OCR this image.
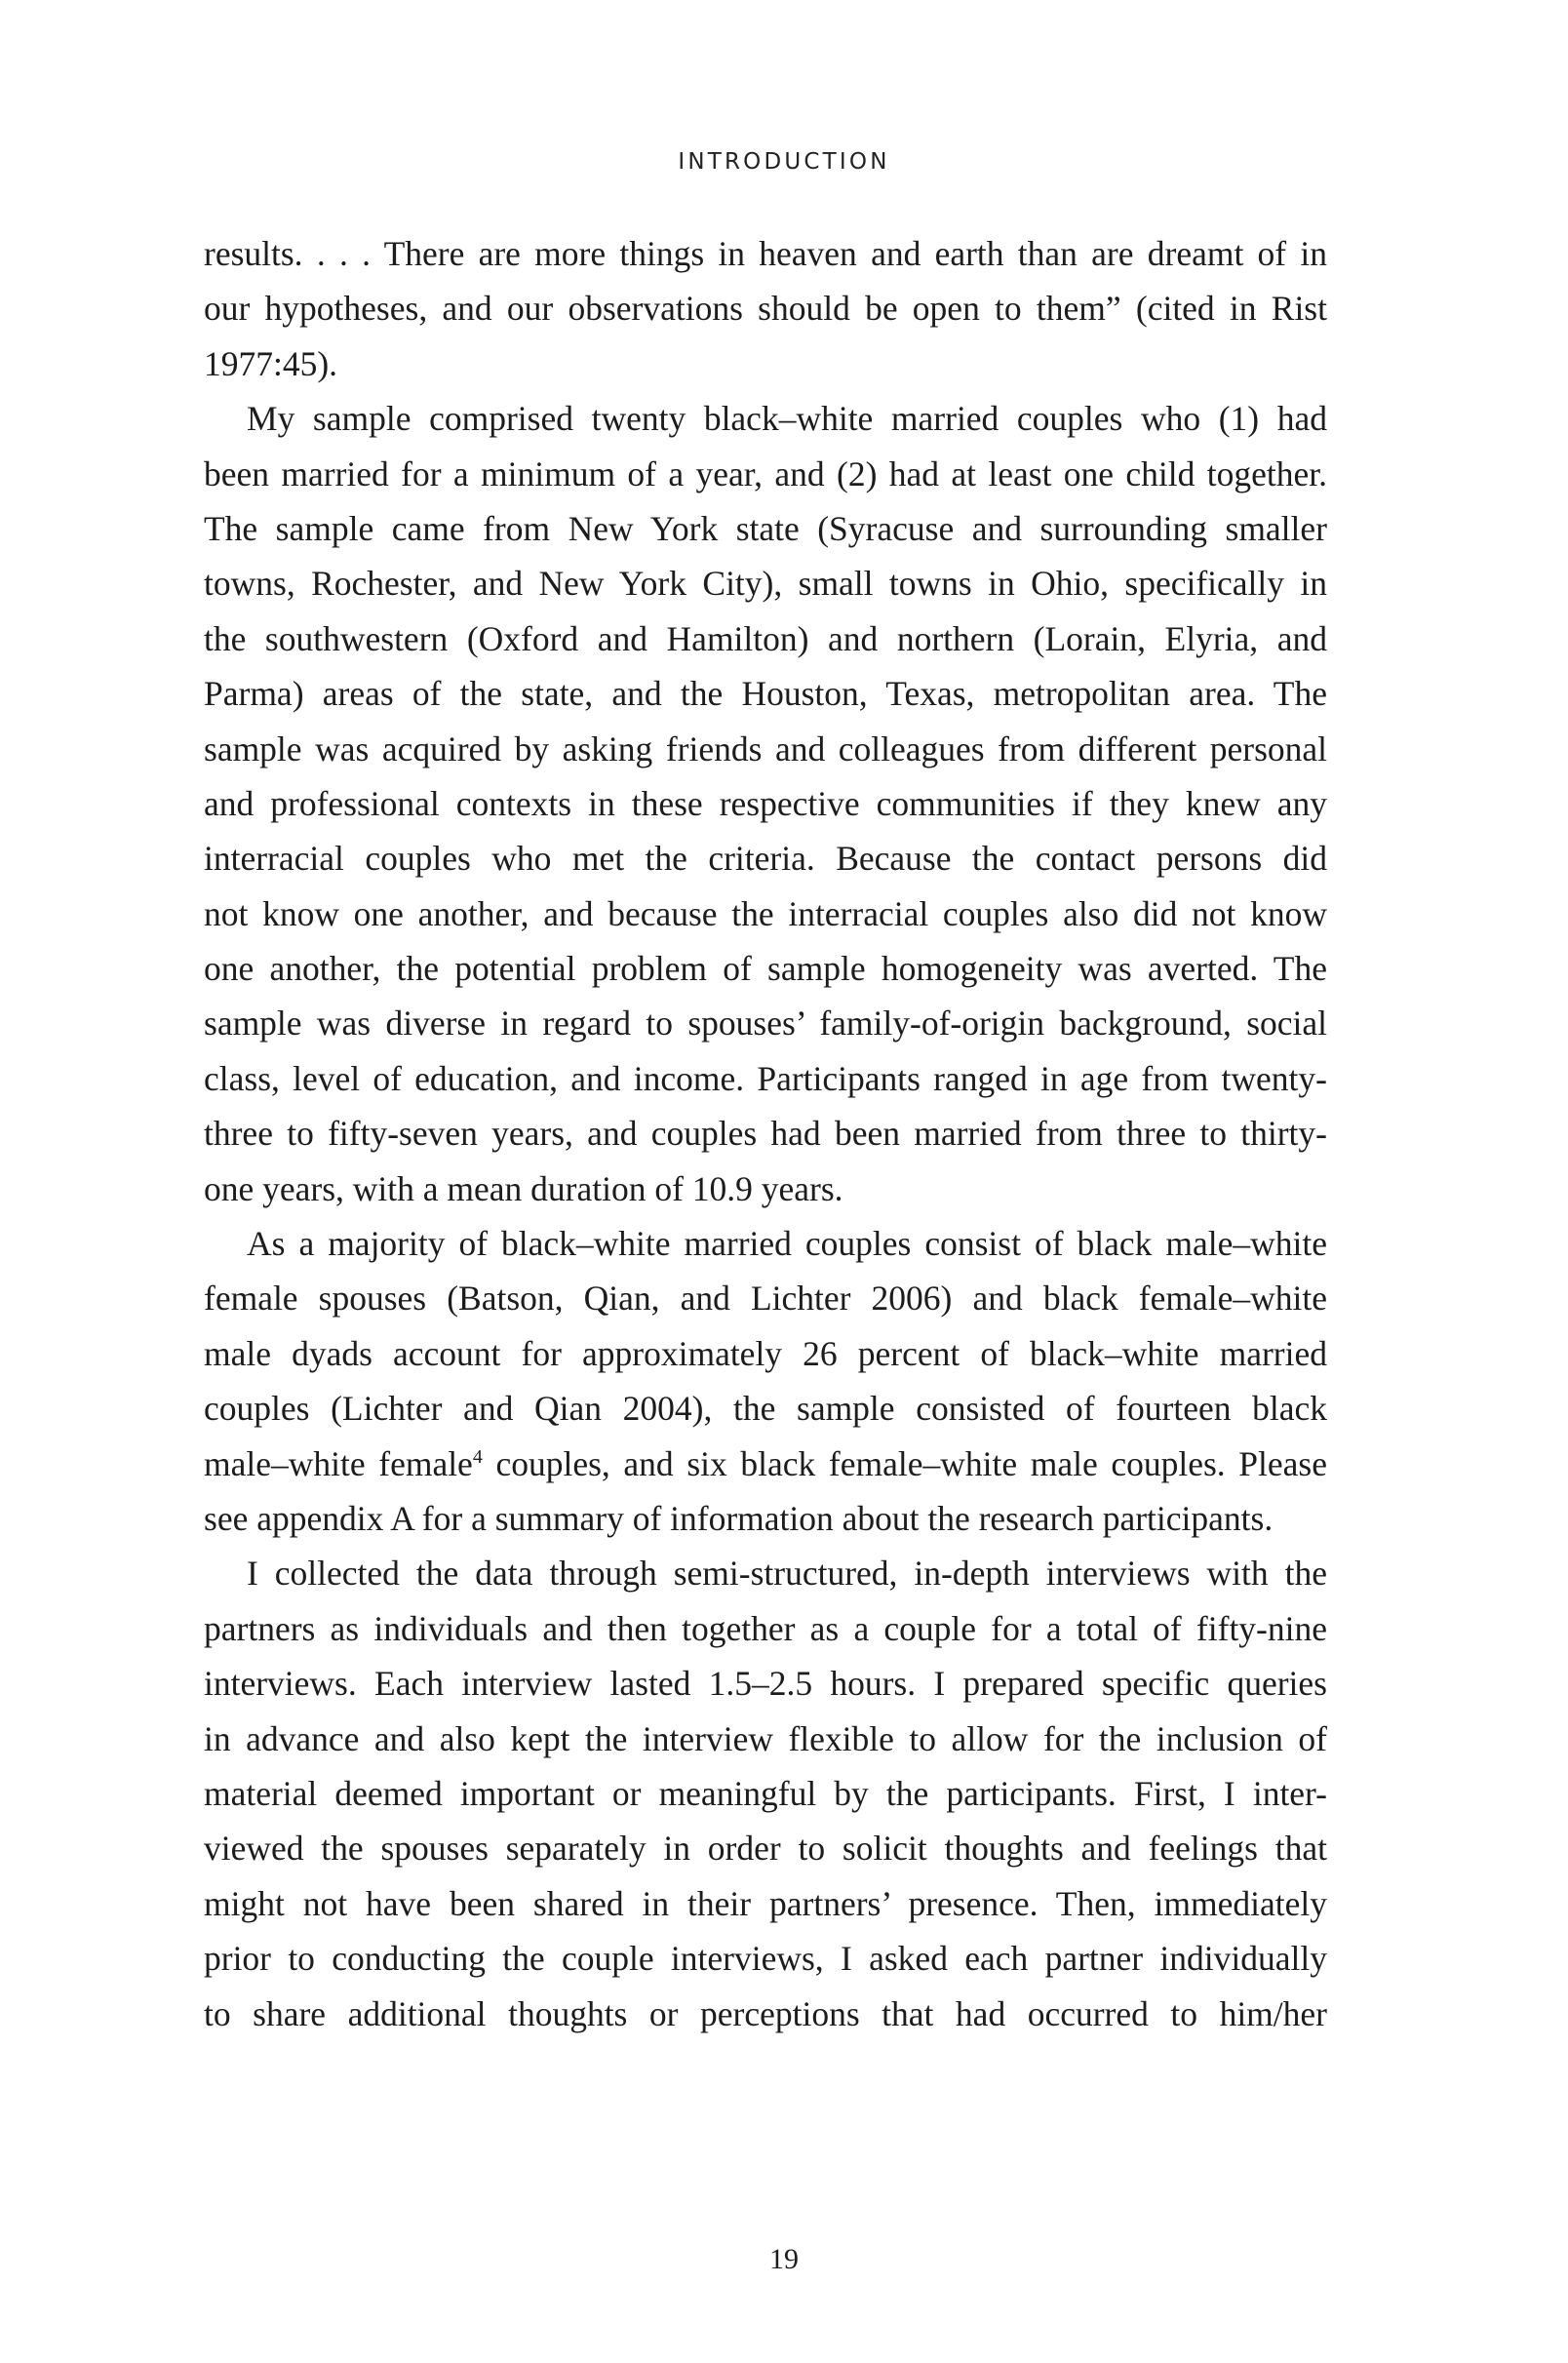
INTRODUCTION
results. . . . There are more things in heaven and earth than are dreamt of in
our hypotheses, and our observations should be open to them” (cited in Rist
1977:45).
My sample comprised twenty black–white married couples who (1) had
been married for a minimum of a year, and (2) had at least one child together.
The sample came from New York state (Syracuse and surrounding smaller
towns, Rochester, and New York City), small towns in Ohio, specifically in
the southwestern (Oxford and Hamilton) and northern (Lorain, Elyria, and
Parma) areas of the state, and the Houston, Texas, metropolitan area. The
sample was acquired by asking friends and colleagues from different personal
and professional contexts in these respective communities if they knew any
interracial couples who met the criteria. Because the contact persons did
not know one another, and because the interracial couples also did not know
one another, the potential problem of sample homogeneity was averted. The
sample was diverse in regard to spouses’ family-of-origin background, social
class, level of education, and income. Participants ranged in age from twenty-
three to fifty-seven years, and couples had been married from three to thirty-
one years, with a mean duration of 10.9 years.
As a majority of black–white married couples consist of black male–white
female spouses (Batson, Qian, and Lichter 2006) and black female–white
male dyads account for approximately 26 percent of black–white married
couples (Lichter and Qian 2004), the sample consisted of fourteen black
male–white female$^4$ couples, and six black female–white male couples. Please
see appendix A for a summary of information about the research participants.
I collected the data through semi-structured, in-depth interviews with the
partners as individuals and then together as a couple for a total of fifty-nine
interviews. Each interview lasted 1.5–2.5 hours. I prepared specific queries
in advance and also kept the interview flexible to allow for the inclusion of
material deemed important or meaningful by the participants. First, I inter-
viewed the spouses separately in order to solicit thoughts and feelings that
might not have been shared in their partners’ presence. Then, immediately
prior to conducting the couple interviews, I asked each partner individually
to share additional thoughts or perceptions that had occurred to him/her
19
